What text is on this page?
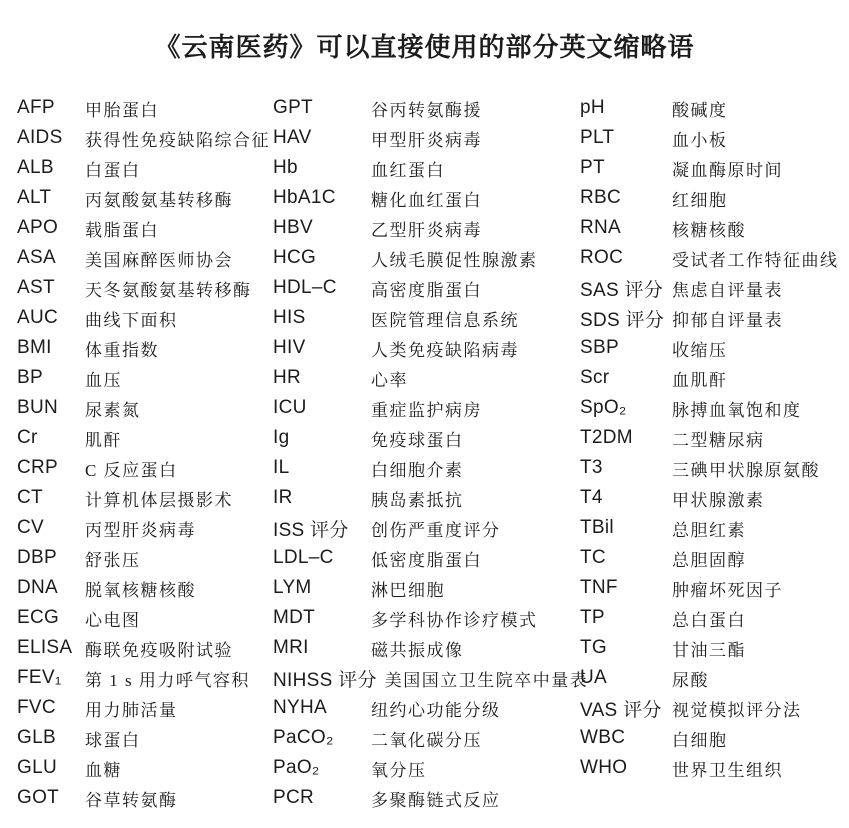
《云南医药》可以直接使用的部分英文缩略语
AFP	甲胎蛋白
AIDS	获得性免疫缺陷综合征
ALB	白蛋白
ALT	丙氨酸氨基转移酶
APO	载脂蛋白
ASA	美国麻醉医师协会
AST	天冬氨酸氨基转移酶
AUC	曲线下面积
BMI	体重指数
BP	血压
BUN	尿素氮
Cr	肌酐
CRP	C 反应蛋白
CT	计算机体层摄影术
CV	丙型肝炎病毒
DBP	舒张压
DNA	脱氧核糖核酸
ECG	心电图
ELISA 酶联免疫吸附试验
FEV₁	第 1 s 用力呼气容积
FVC	用力肺活量
GLB	球蛋白
GLU	血糖
GOT	谷草转氨酶
GPT	谷丙转氨酶援
HAV	甲型肝炎病毒
Hb	血红蛋白
HbA1C	糖化血红蛋白
HBV	乙型肝炎病毒
HCG	人绒毛膜促性腺激素
HDL–C	高密度脂蛋白
HIS	医院管理信息系统
HIV	人类免疫缺陷病毒
HR	心率
ICU	重症监护病房
Ig	免疫球蛋白
IL	白细胞介素
IR	胰岛素抵抗
ISS 评分	创伤严重度评分
LDL–C	低密度脂蛋白
LYM	淋巴细胞
MDT	多学科协作诊疗模式
MRI	磁共振成像
NIHSS 评分 美国国立卫生院卒中量表
NYHA	纽约心功能分级
PaCO₂	二氧化碳分压
PaO₂	氧分压
PCR	多聚酶链式反应
pH	酸碱度
PLT	血小板
PT	凝血酶原时间
RBC	红细胞
RNA	核糖核酸
ROC	受试者工作特征曲线
SAS 评分 焦虑自评量表
SDS 评分 抑郁自评量表
SBP	收缩压
Scr	血肌酐
SpO₂	脉搏血氧饱和度
T2DM	二型糖尿病
T3	三碘甲状腺原氨酸
T4	甲状腺激素
TBil	总胆红素
TC	总胆固醇
TNF	肿瘤坏死因子
TP	总白蛋白
TG	甘油三酯
UA	尿酸
VAS 评分 视觉模拟评分法
WBC	白细胞
WHO	世界卫生组织
